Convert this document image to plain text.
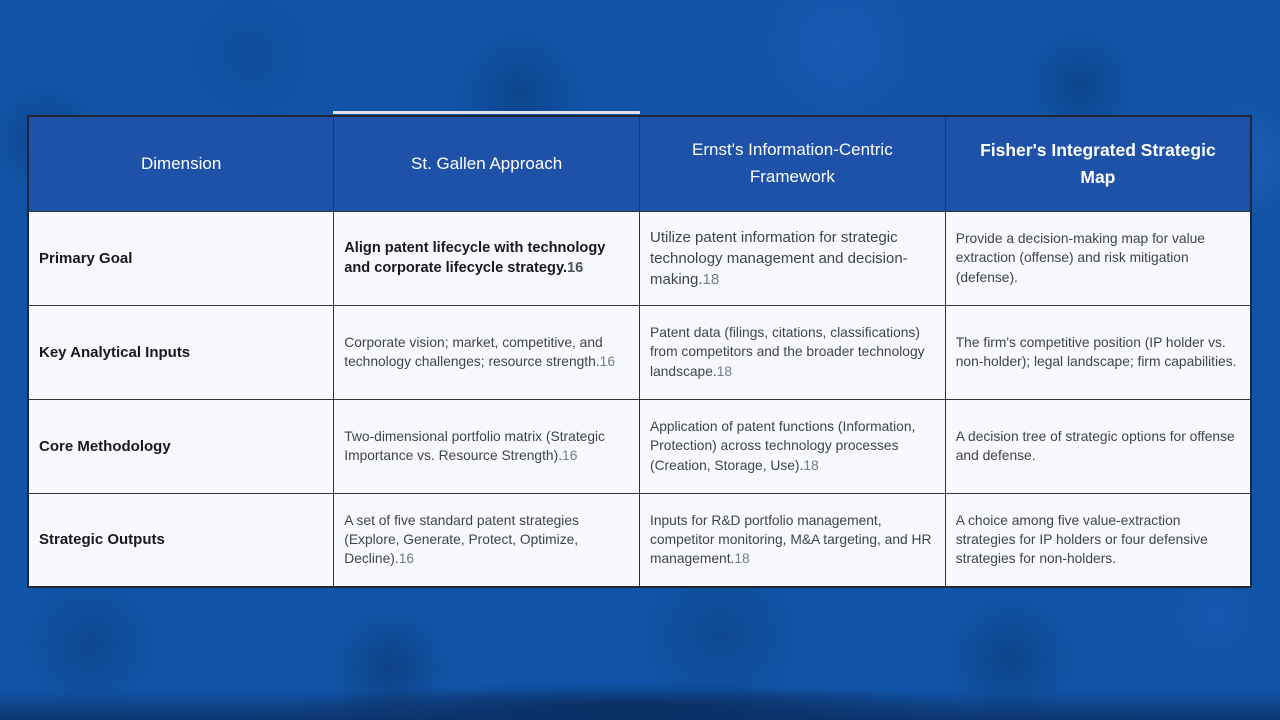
Dimension	St. Gallen Approach	Ernst's Information-Centric Framework	Fisher's Integrated Strategic Map
Primary Goal	Align patent lifecycle with technology and corporate lifecycle strategy.16	Utilize patent information for strategic technology management and decision-making.18	Provide a decision-making map for value extraction (offense) and risk mitigation (defense).
Key Analytical Inputs	Corporate vision; market, competitive, and technology challenges; resource strength.16	Patent data (filings, citations, classifications) from competitors and the broader technology landscape.18	The firm's competitive position (IP holder vs. non-holder); legal landscape; firm capabilities.
Core Methodology	Two-dimensional portfolio matrix (Strategic Importance vs. Resource Strength).16	Application of patent functions (Information, Protection) across technology processes (Creation, Storage, Use).18	A decision tree of strategic options for offense and defense.
Strategic Outputs	A set of five standard patent strategies (Explore, Generate, Protect, Optimize, Decline).16	Inputs for R&D portfolio management, competitor monitoring, M&A targeting, and HR management.18	A choice among five value-extraction strategies for IP holders or four defensive strategies for non-holders.
